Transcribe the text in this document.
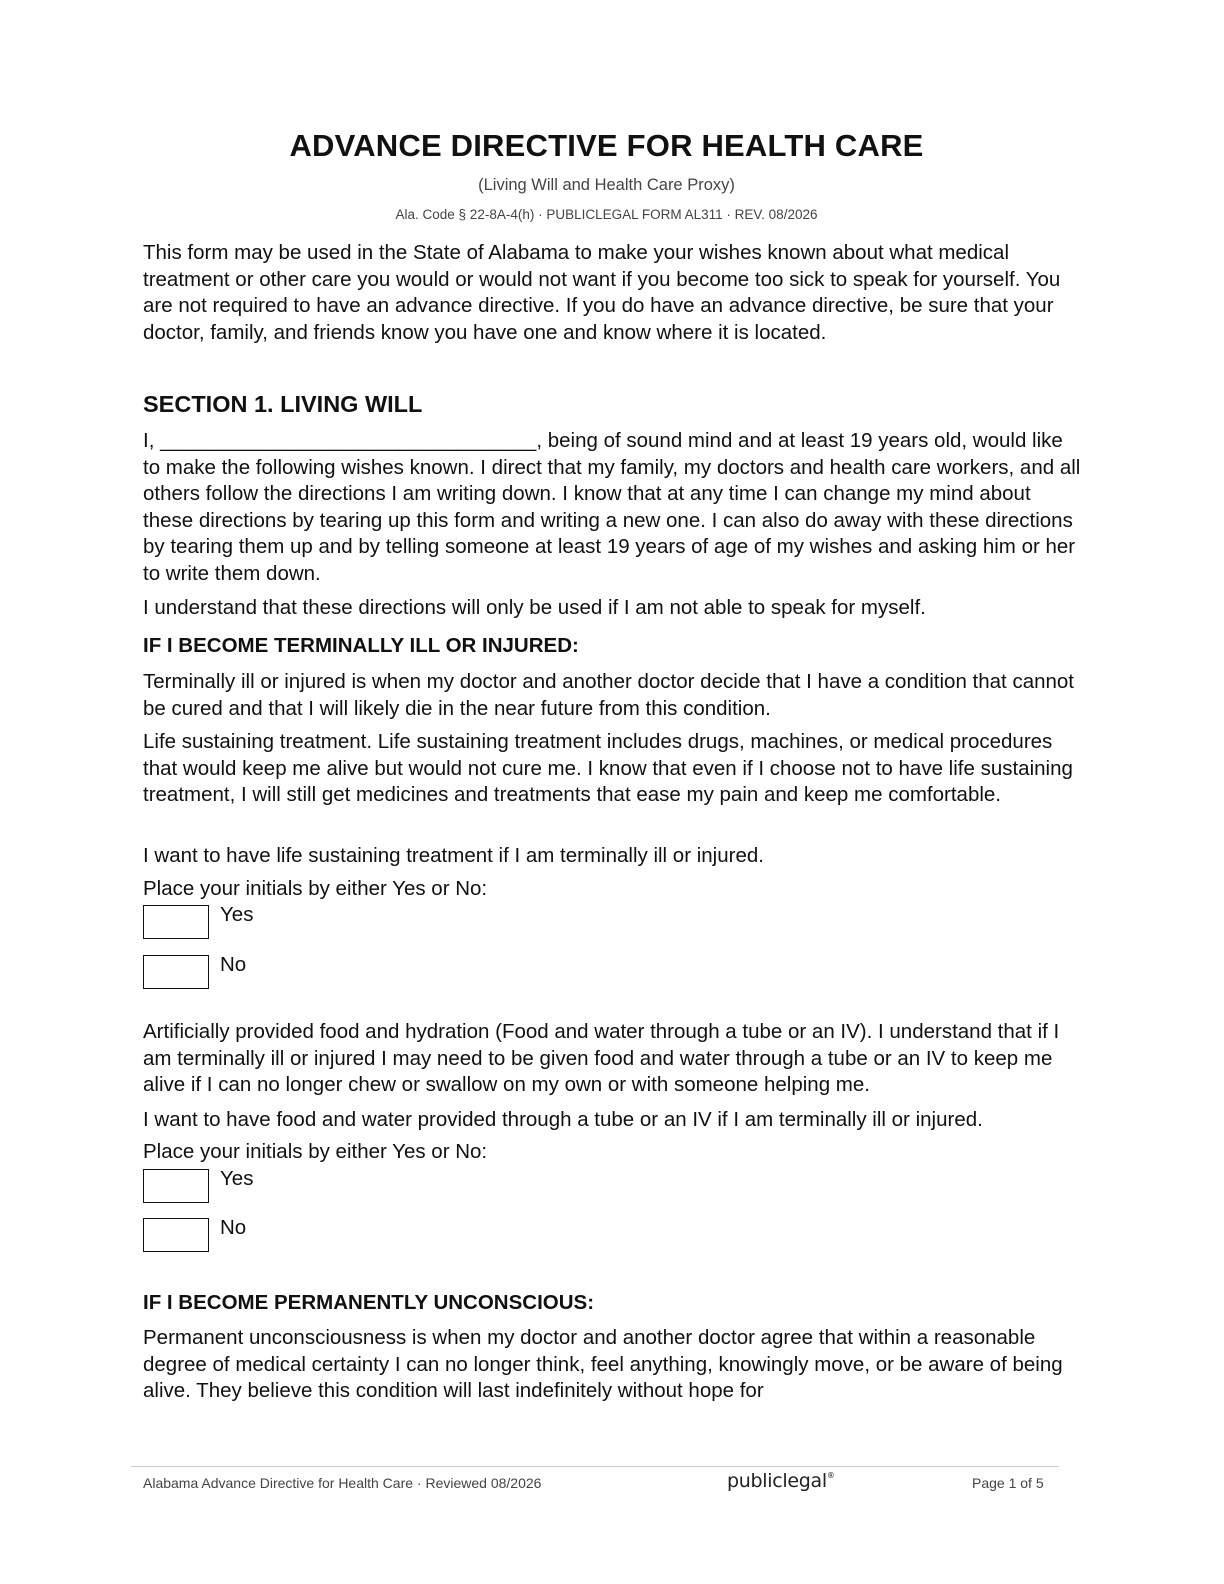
ADVANCE DIRECTIVE FOR HEALTH CARE
(Living Will and Health Care Proxy)
Ala. Code § 22-8A-4(h) · PUBLICLEGAL FORM AL311 · REV. 08/2026

This form may be used in the State of Alabama to make your wishes known about what medical treatment or other care you would or would not want if you become too sick to speak for yourself. You are not required to have an advance directive. If you do have an advance directive, be sure that your doctor, family, and friends know you have one and know where it is located.

SECTION 1. LIVING WILL

I, _________________________________, being of sound mind and at least 19 years old, would like to make the following wishes known. I direct that my family, my doctors and health care workers, and all others follow the directions I am writing down. I know that at any time I can change my mind about these directions by tearing up this form and writing a new one. I can also do away with these directions by tearing them up and by telling someone at least 19 years of age of my wishes and asking him or her to write them down.

I understand that these directions will only be used if I am not able to speak for myself.

IF I BECOME TERMINALLY ILL OR INJURED:

Terminally ill or injured is when my doctor and another doctor decide that I have a condition that cannot be cured and that I will likely die in the near future from this condition.

Life sustaining treatment. Life sustaining treatment includes drugs, machines, or medical procedures that would keep me alive but would not cure me. I know that even if I choose not to have life sustaining treatment, I will still get medicines and treatments that ease my pain and keep me comfortable.

I want to have life sustaining treatment if I am terminally ill or injured.

Place your initials by either Yes or No:

Yes
No

Artificially provided food and hydration (Food and water through a tube or an IV). I understand that if I am terminally ill or injured I may need to be given food and water through a tube or an IV to keep me alive if I can no longer chew or swallow on my own or with someone helping me.

I want to have food and water provided through a tube or an IV if I am terminally ill or injured.

Place your initials by either Yes or No:

Yes
No
IF I BECOME PERMANENTLY UNCONSCIOUS:

Permanent unconsciousness is when my doctor and another doctor agree that within a reasonable degree of medical certainty I can no longer think, feel anything, knowingly move, or be aware of being alive. They believe this condition will last indefinitely without hope for

Alabama Advance Directive for Health Care · Reviewed 08/2026	publiclegal®	Page 1 of 5
